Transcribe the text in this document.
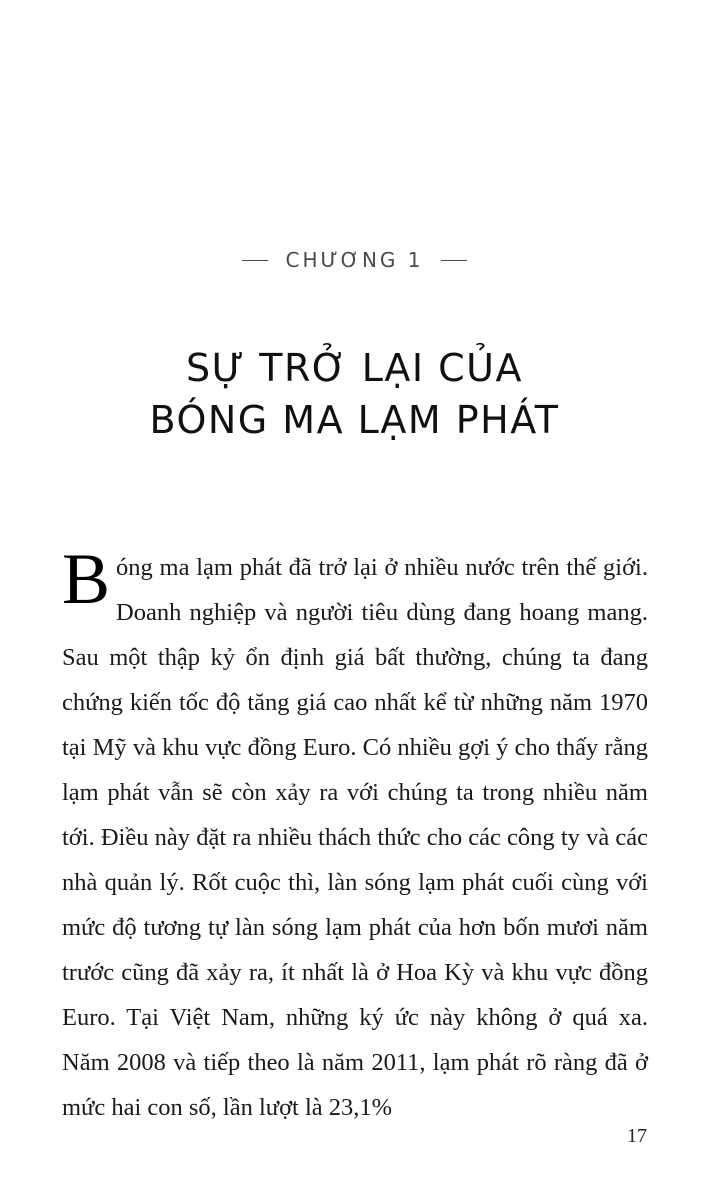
CHƯƠNG 1
SỰ TRỞ LẠI CỦA
BÓNG MA LẠM PHÁT

Bóng ma lạm phát đã trở lại ở nhiều nước trên thế giới. Doanh nghiệp và người tiêu dùng đang hoang mang. Sau một thập kỷ ổn định giá bất thường, chúng ta đang chứng kiến tốc độ tăng giá cao nhất kể từ những năm 1970 tại Mỹ và khu vực đồng Euro. Có nhiều gợi ý cho thấy rằng lạm phát vẫn sẽ còn xảy ra với chúng ta trong nhiều năm tới. Điều này đặt ra nhiều thách thức cho các công ty và các nhà quản lý. Rốt cuộc thì, làn sóng lạm phát cuối cùng với mức độ tương tự làn sóng lạm phát của hơn bốn mươi năm trước cũng đã xảy ra, ít nhất là ở Hoa Kỳ và khu vực đồng Euro. Tại Việt Nam, những ký ức này không ở quá xa. Năm 2008 và tiếp theo là năm 2011, lạm phát rõ ràng đã ở mức hai con số, lần lượt là 23,1%

17
